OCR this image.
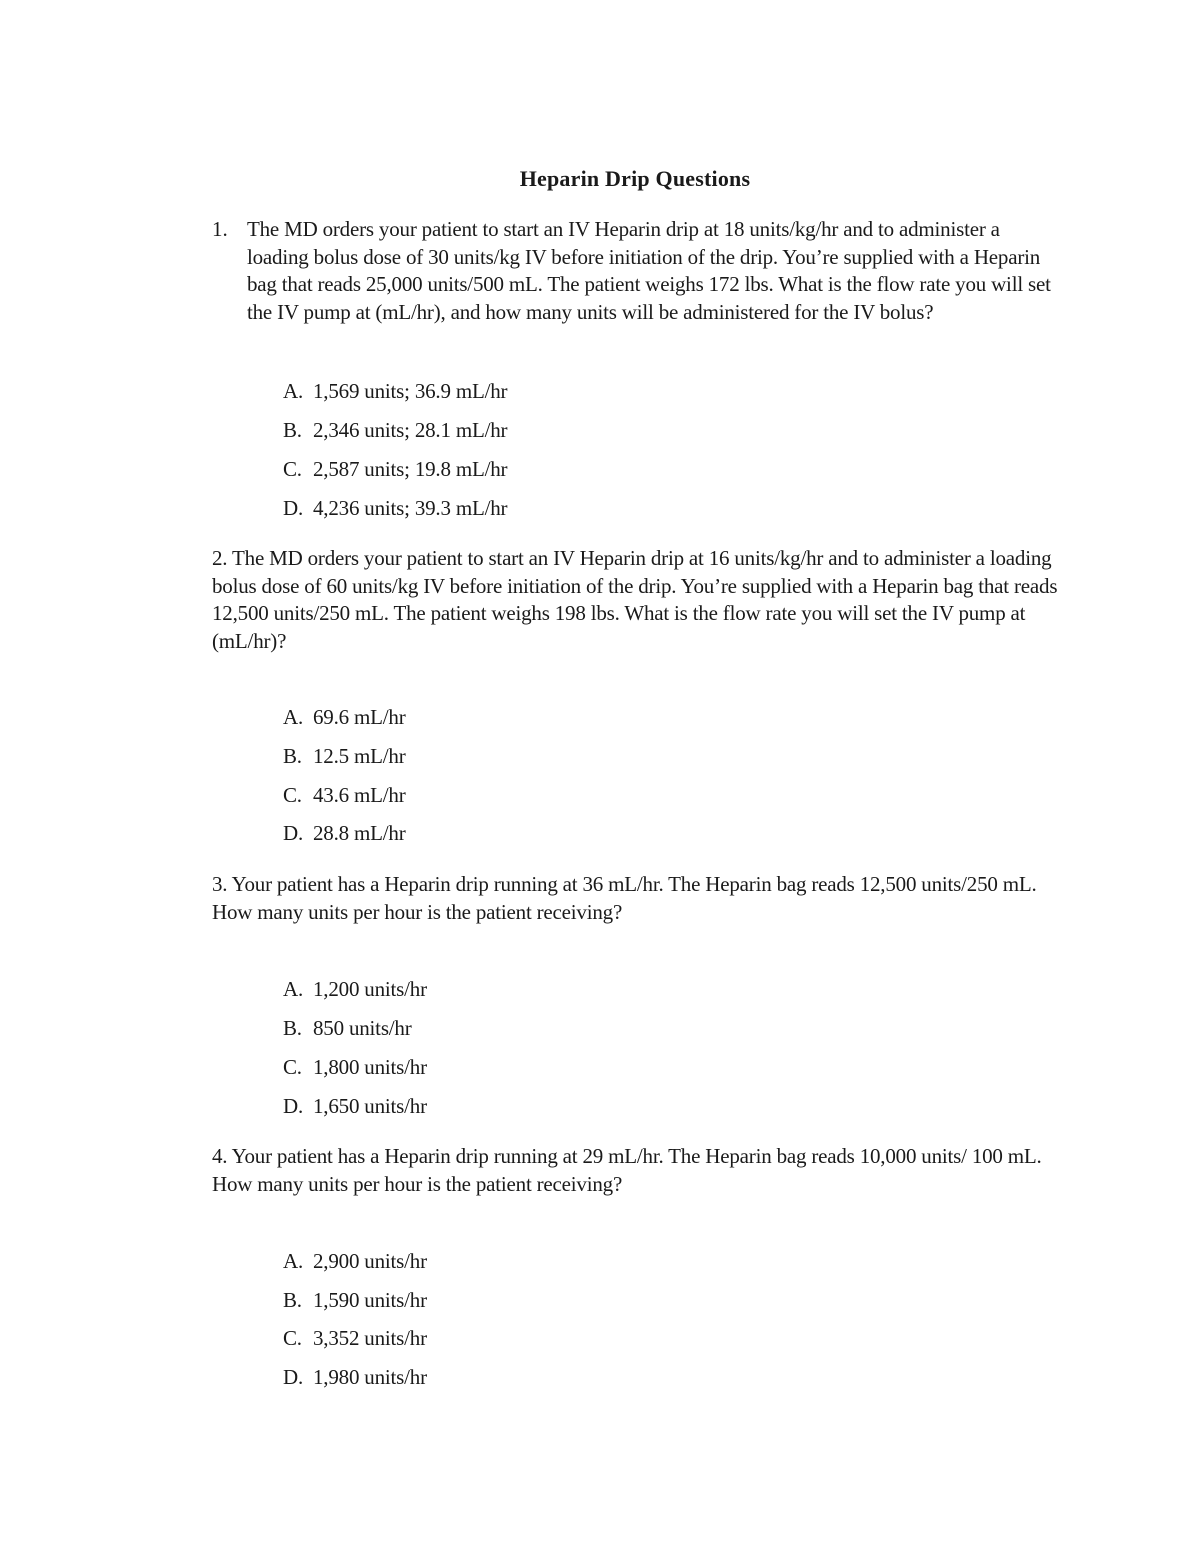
Heparin Drip Questions
1. The MD orders your patient to start an IV Heparin drip at 18 units/kg/hr and to administer a loading bolus dose of 30 units/kg IV before initiation of the drip. You’re supplied with a Heparin bag that reads 25,000 units/500 mL. The patient weighs 172 lbs. What is the flow rate you will set the IV pump at (mL/hr), and how many units will be administered for the IV bolus?
A. 1,569 units; 36.9 mL/hr
B. 2,346 units; 28.1 mL/hr
C. 2,587 units; 19.8 mL/hr
D. 4,236 units; 39.3 mL/hr
2. The MD orders your patient to start an IV Heparin drip at 16 units/kg/hr and to administer a loading bolus dose of 60 units/kg IV before initiation of the drip. You’re supplied with a Heparin bag that reads 12,500 units/250 mL. The patient weighs 198 lbs. What is the flow rate you will set the IV pump at (mL/hr)?
A. 69.6 mL/hr
B. 12.5 mL/hr
C. 43.6 mL/hr
D. 28.8 mL/hr
3. Your patient has a Heparin drip running at 36 mL/hr. The Heparin bag reads 12,500 units/250 mL. How many units per hour is the patient receiving?
A. 1,200 units/hr
B. 850 units/hr
C. 1,800 units/hr
D. 1,650 units/hr
4. Your patient has a Heparin drip running at 29 mL/hr. The Heparin bag reads 10,000 units/ 100 mL. How many units per hour is the patient receiving?
A. 2,900 units/hr
B. 1,590 units/hr
C. 3,352 units/hr
D. 1,980 units/hr
